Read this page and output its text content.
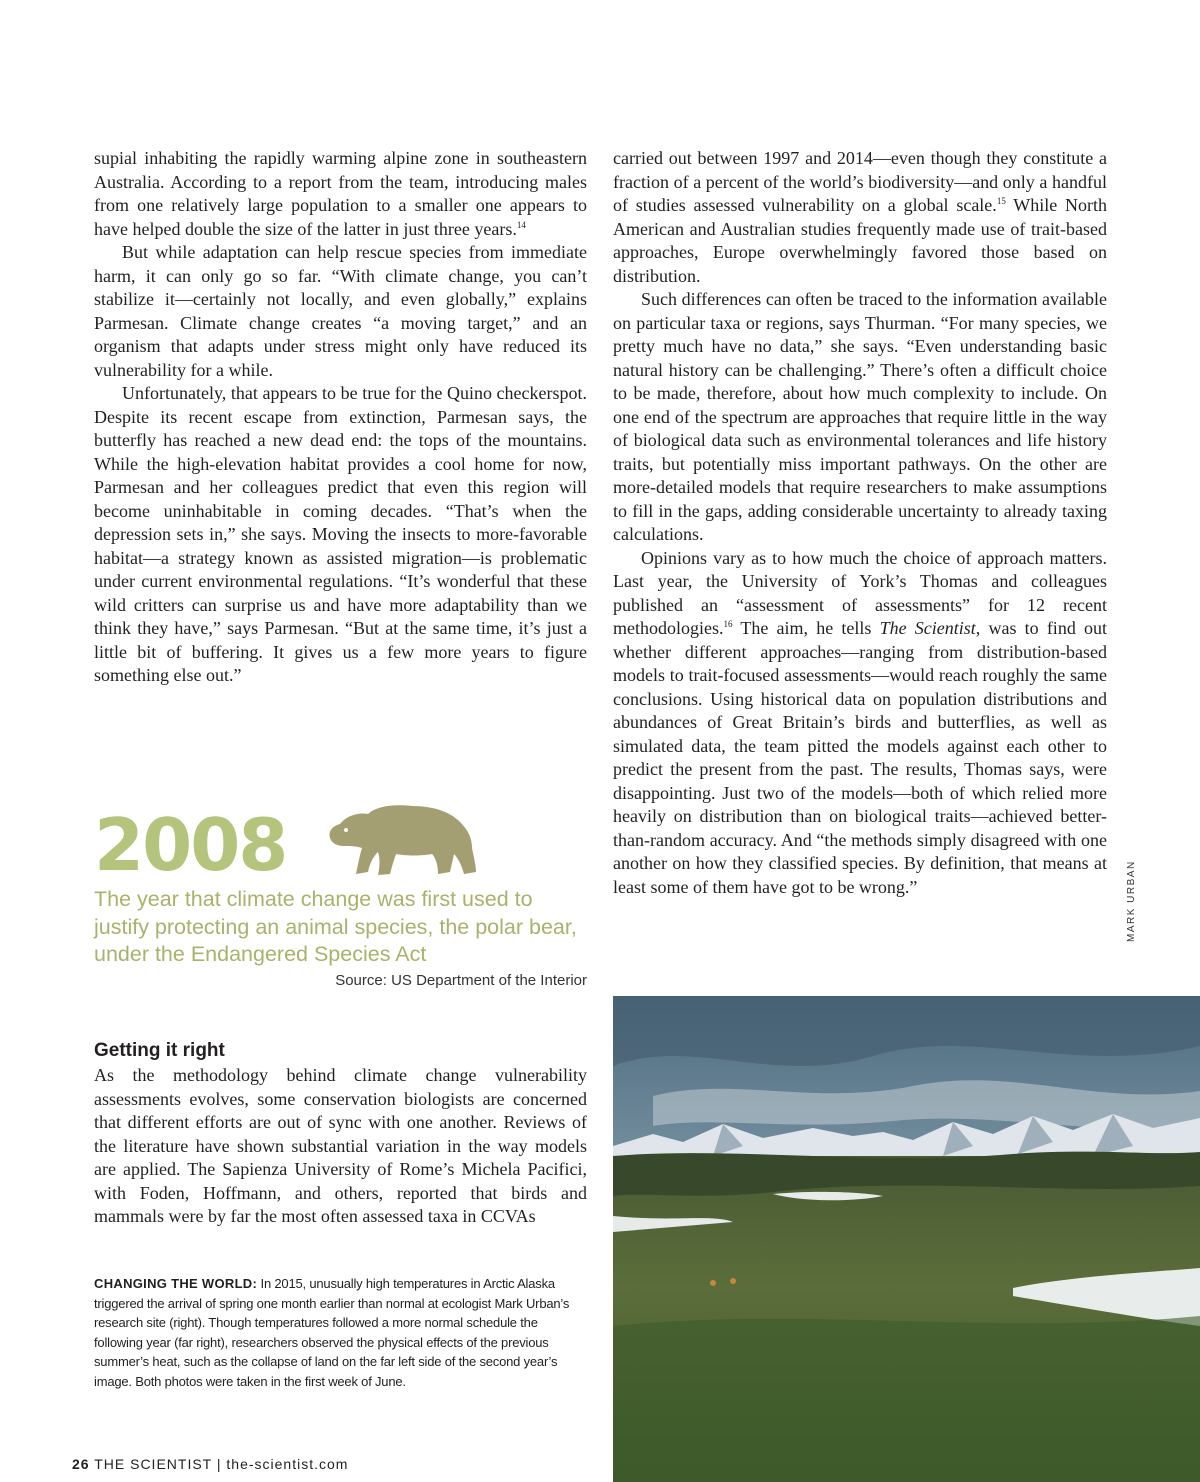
supial inhabiting the rapidly warming alpine zone in southeastern Australia. According to a report from the team, introducing males from one relatively large population to a smaller one appears to have helped double the size of the latter in just three years.$^{14}$

But while adaptation can help rescue species from immediate harm, it can only go so far. “With climate change, you can’t stabilize it—certainly not locally, and even globally,” explains Parmesan. Climate change creates “a moving target,” and an organism that adapts under stress might only have reduced its vulnerability for a while.

Unfortunately, that appears to be true for the Quino checkerspot. Despite its recent escape from extinction, Parmesan says, the butterfly has reached a new dead end: the tops of the mountains. While the high-elevation habitat provides a cool home for now, Parmesan and her colleagues predict that even this region will become uninhabitable in coming decades. “That’s when the depression sets in,” she says. Moving the insects to more-favorable habitat—a strategy known as assisted migration—is problematic under current environmental regulations. “It’s wonderful that these wild critters can surprise us and have more adaptability than we think they have,” says Parmesan. “But at the same time, it’s just a little bit of buffering. It gives us a few more years to figure something else out.”

2008

The year that climate change was first used to justify protecting an animal species, the polar bear, under the Endangered Species Act

Source: US Department of the Interior
Getting it right

As the methodology behind climate change vulnerability assessments evolves, some conservation biologists are concerned that different efforts are out of sync with one another. Reviews of the literature have shown substantial variation in the way models are applied. The Sapienza University of Rome’s Michela Pacifici, with Foden, Hoffmann, and others, reported that birds and mammals were by far the most often assessed taxa in CCVAs

CHANGING THE WORLD: In 2015, unusually high temperatures in Arctic Alaska triggered the arrival of spring one month earlier than normal at ecologist Mark Urban’s research site (right). Though temperatures followed a more normal schedule the following year (far right), researchers observed the physical effects of the previous summer’s heat, such as the collapse of land on the far left side of the second year’s image. Both photos were taken in the first week of June.

carried out between 1997 and 2014—even though they constitute a fraction of a percent of the world’s biodiversity—and only a handful of studies assessed vulnerability on a global scale.$^{15}$ While North American and Australian studies frequently made use of trait-based approaches, Europe overwhelmingly favored those based on distribution.

Such differences can often be traced to the information available on particular taxa or regions, says Thurman. “For many species, we pretty much have no data,” she says. “Even understanding basic natural history can be challenging.” There’s often a difficult choice to be made, therefore, about how much complexity to include. On one end of the spectrum are approaches that require little in the way of biological data such as environmental tolerances and life history traits, but potentially miss important pathways. On the other are more-detailed models that require researchers to make assumptions to fill in the gaps, adding considerable uncertainty to already taxing calculations.

Opinions vary as to how much the choice of approach matters. Last year, the University of York’s Thomas and colleagues published an “assessment of assessments” for 12 recent methodologies.$^{16}$ The aim, he tells The Scientist, was to find out whether different approaches—ranging from distribution-based models to trait-focused assessments—would reach roughly the same conclusions. Using historical data on population distributions and abundances of Great Britain’s birds and butterflies, as well as simulated data, the team pitted the models against each other to predict the present from the past. The results, Thomas says, were disappointing. Just two of the models—both of which relied more heavily on distribution than on biological traits—achieved better-than-random accuracy. And “the methods simply disagreed with one another on how they classified species. By definition, that means at least some of them have got to be wrong.”	MARK URBAN
26 THE SCIENTIST | the-scientist.com
